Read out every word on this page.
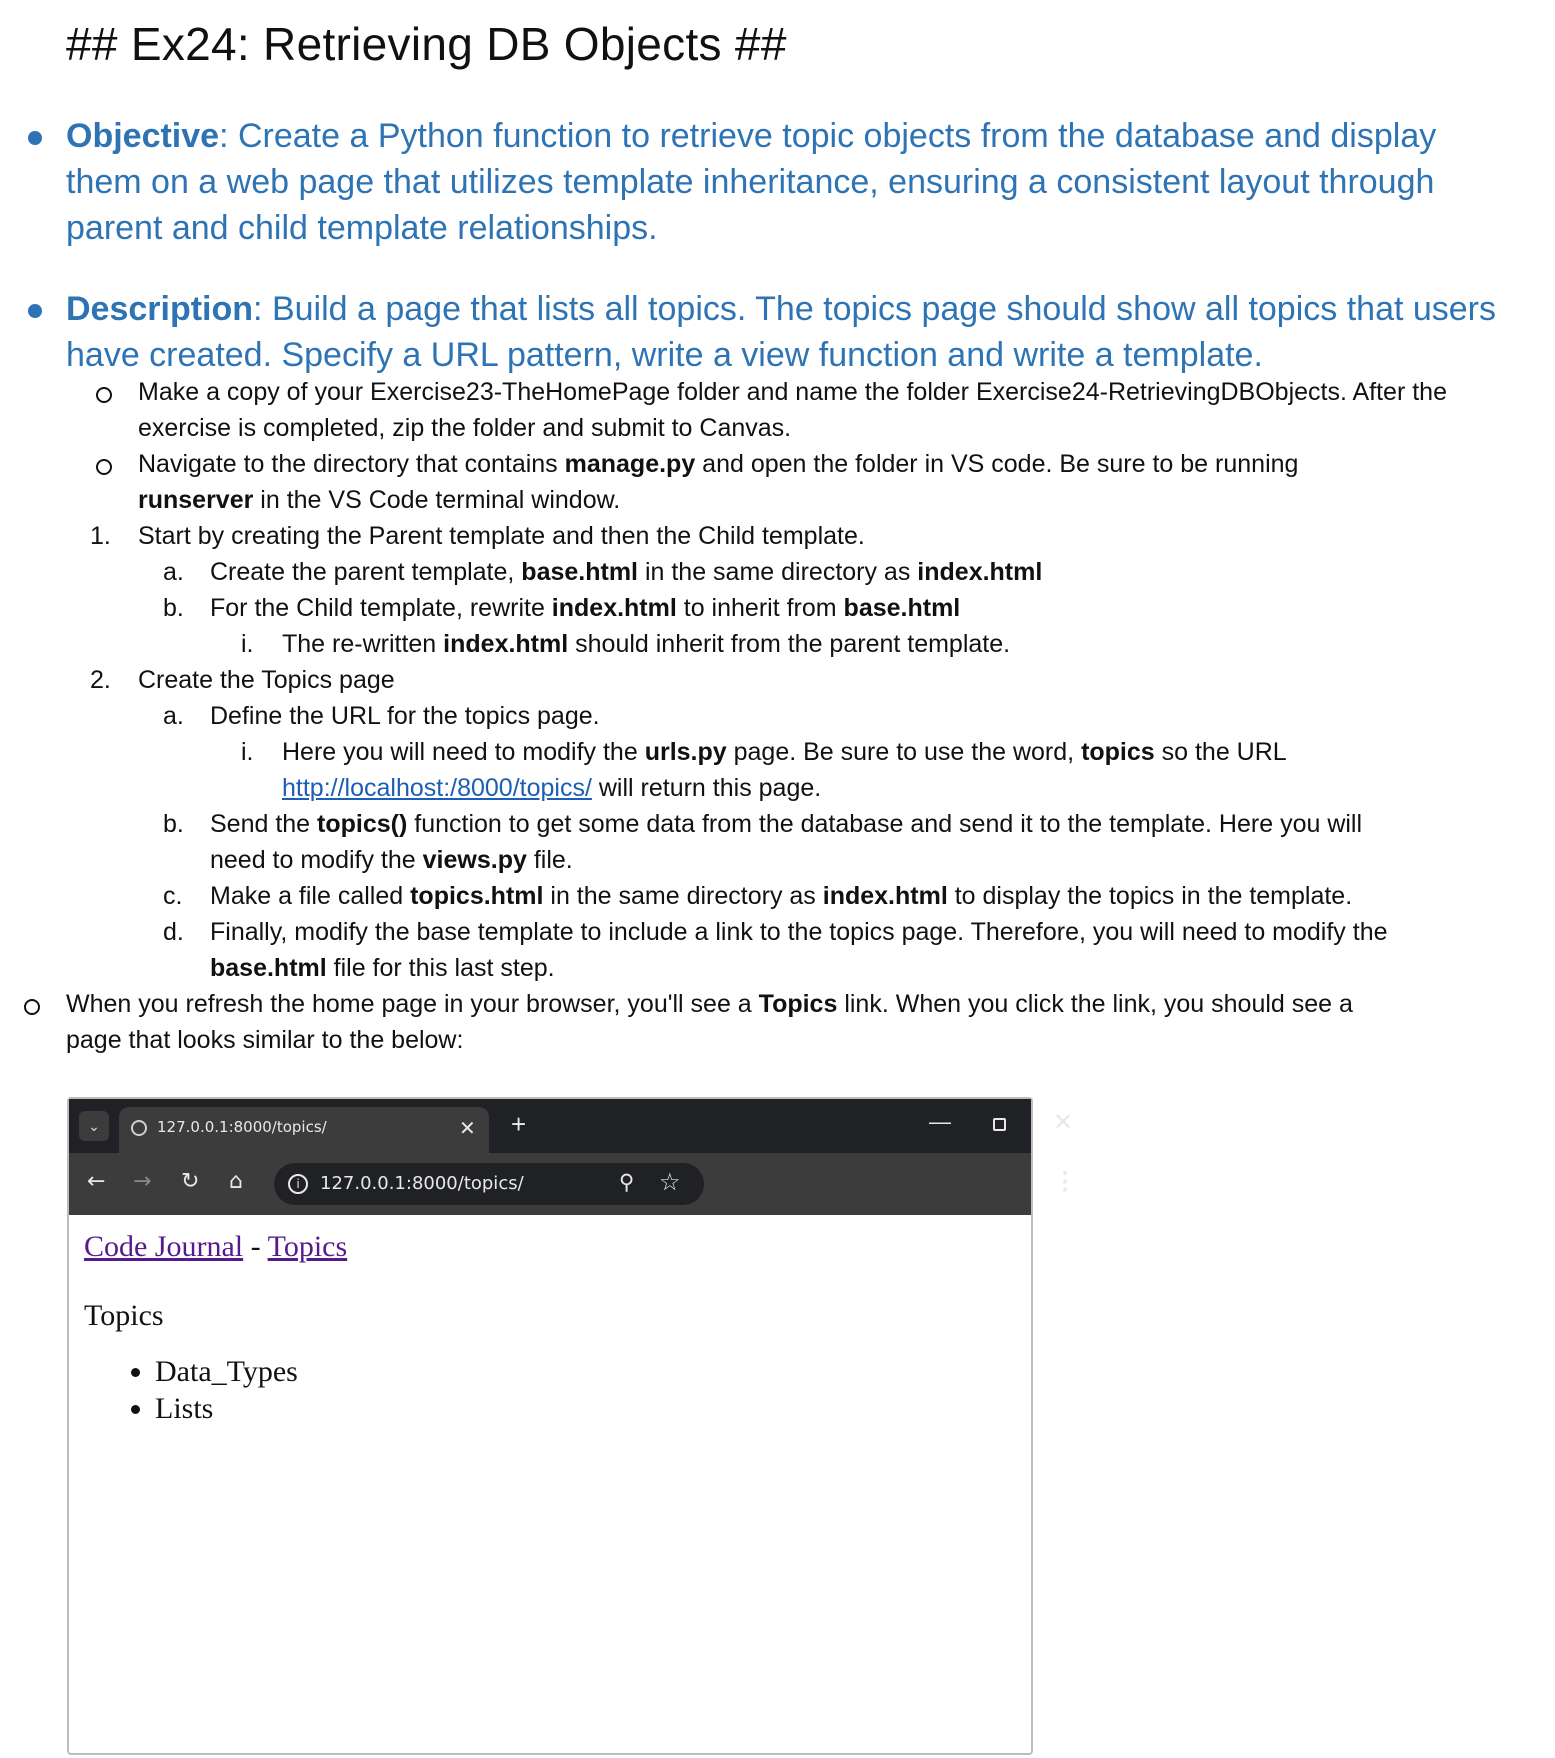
## Ex24: Retrieving DB Objects ##
Objective: Create a Python function to retrieve topic objects from the database and display them on a web page that utilizes template inheritance, ensuring a consistent layout through parent and child template relationships.
Description: Build a page that lists all topics. The topics page should show all topics that users have created. Specify a URL pattern, write a view function and write a template.
Make a copy of your Exercise23-TheHomePage folder and name the folder Exercise24-RetrievingDBObjects. After the exercise is completed, zip the folder and submit to Canvas.
Navigate to the directory that contains manage.py and open the folder in VS code. Be sure to be running
runserver in the VS Code terminal window.
1. Start by creating the Parent template and then the Child template.
a. Create the parent template, base.html in the same directory as index.html
b. For the Child template, rewrite index.html to inherit from base.html
i. The re-written index.html should inherit from the parent template.
2. Create the Topics page
a. Define the URL for the topics page.
i. Here you will need to modify the urls.py page. Be sure to use the word, topics so the URL
http://localhost:/8000/topics/ will return this page.
b. Send the topics() function to get some data from the database and send it to the template. Here you will
need to modify the views.py file.
c. Make a file called topics.html in the same directory as index.html to display the topics in the template.
d. Finally, modify the base template to include a link to the topics page. Therefore, you will need to modify the
base.html file for this last step.
When you refresh the home page in your browser, you'll see a Topics link. When you click the link, you should see a
page that looks similar to the below:
⌄	127.0.0.1:8000/topics/	✕ +	—	✕
← → ↻ ⌂	i	127.0.0.1:8000/topics/	⚲ ☆	⋮
Code Journal - Topics
Topics
• Data_Types
• Lists
